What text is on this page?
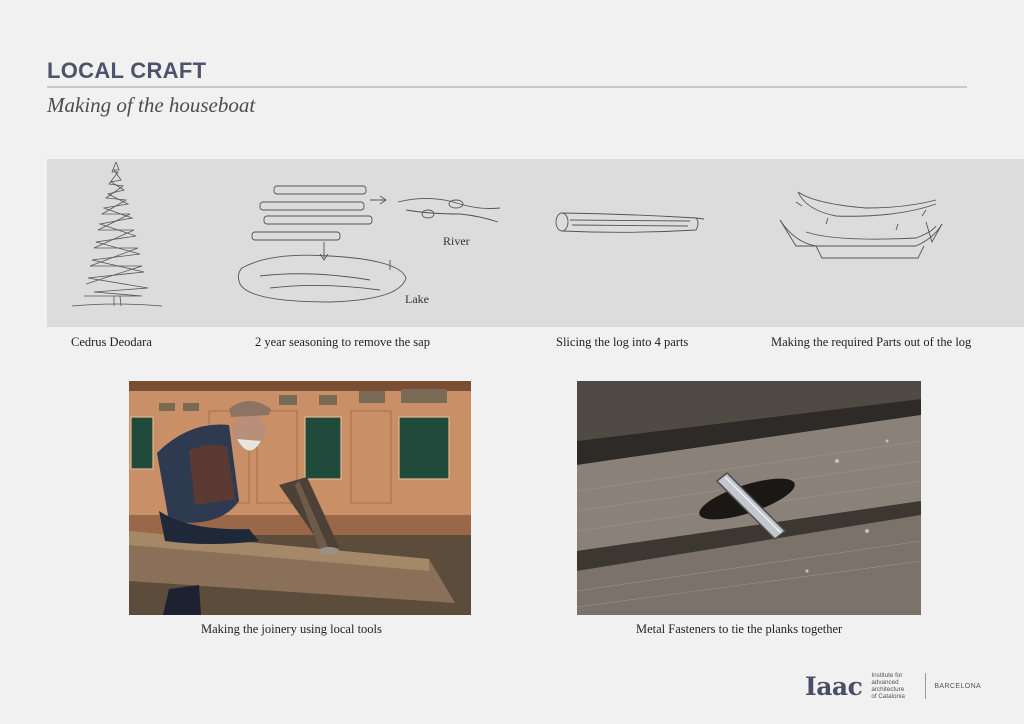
LOCAL CRAFT
Making of the houseboat
River
Lake
Cedrus Deodara	2 year seasoning to remove the sap	Slicing the log into 4 parts	Making the required Parts out of the log
Making the joinery using local tools	Metal Fasteners to tie the planks together
Iaac Institute for
advanced
architecture
of Catalonia
BARCELONA
